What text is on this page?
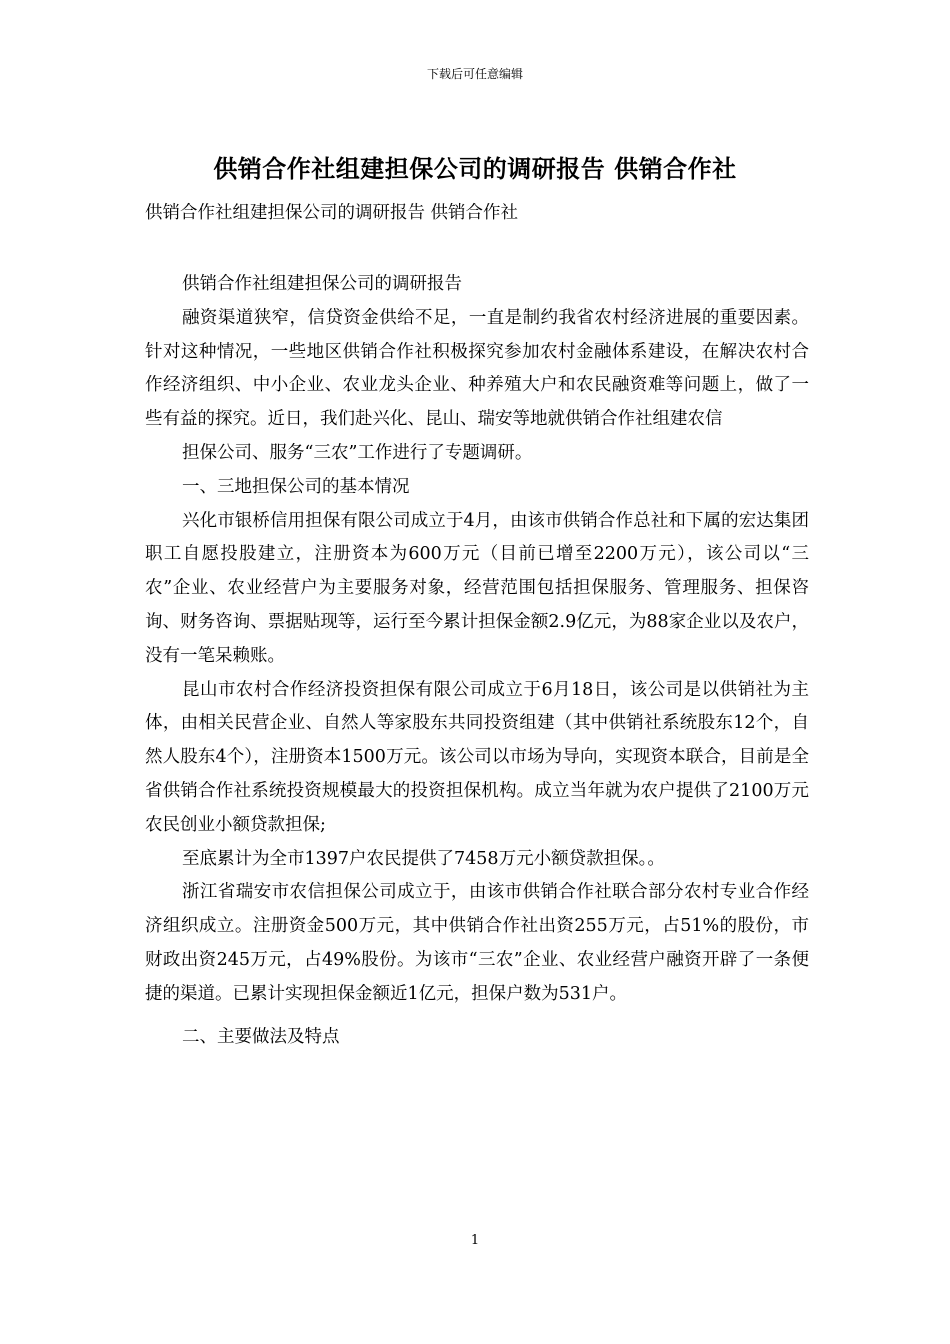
下载后可任意编辑
供销合作社组建担保公司的调研报告 供销合作社
供销合作社组建担保公司的调研报告 供销合作社

供销合作社组建担保公司的调研报告

融资渠道狭窄，信贷资金供给不足，一直是制约我省农村经济进展的重要因素。针对这种情况，一些地区供销合作社积极探究参加农村金融体系建设，在解决农村合作经济组织、中小企业、农业龙头企业、种养殖大户和农民融资难等问题上，做了一些有益的探究。近日，我们赴兴化、昆山、瑞安等地就供销合作社组建农信

担保公司、服务“三农”工作进行了专题调研。

一、三地担保公司的基本情况

兴化市银桥信用担保有限公司成立于4月，由该市供销合作总社和下属的宏达集团职工自愿投股建立，注册资本为600万元（目前已增至2200万元），该公司以“三农”企业、农业经营户为主要服务对象，经营范围包括担保服务、管理服务、担保咨询、财务咨询、票据贴现等，运行至今累计担保金额2.9亿元，为88家企业以及农户，没有一笔呆赖账。

昆山市农村合作经济投资担保有限公司成立于6月18日，该公司是以供销社为主体，由相关民营企业、自然人等家股东共同投资组建（其中供销社系统股东12个，自然人股东4个），注册资本1500万元。该公司以市场为导向，实现资本联合，目前是全省供销合作社系统投资规模最大的投资担保机构。成立当年就为农户提供了2100万元农民创业小额贷款担保;

至底累计为全市1397户农民提供了7458万元小额贷款担保。。

浙江省瑞安市农信担保公司成立于，由该市供销合作社联合部分农村专业合作经济组织成立。注册资金500万元，其中供销合作社出资255万元，占51%的股份，市财政出资245万元，占49%股份。为该市“三农”企业、农业经营户融资开辟了一条便捷的渠道。已累计实现担保金额近1亿元，担保户数为531户。

二、主要做法及特点

1
